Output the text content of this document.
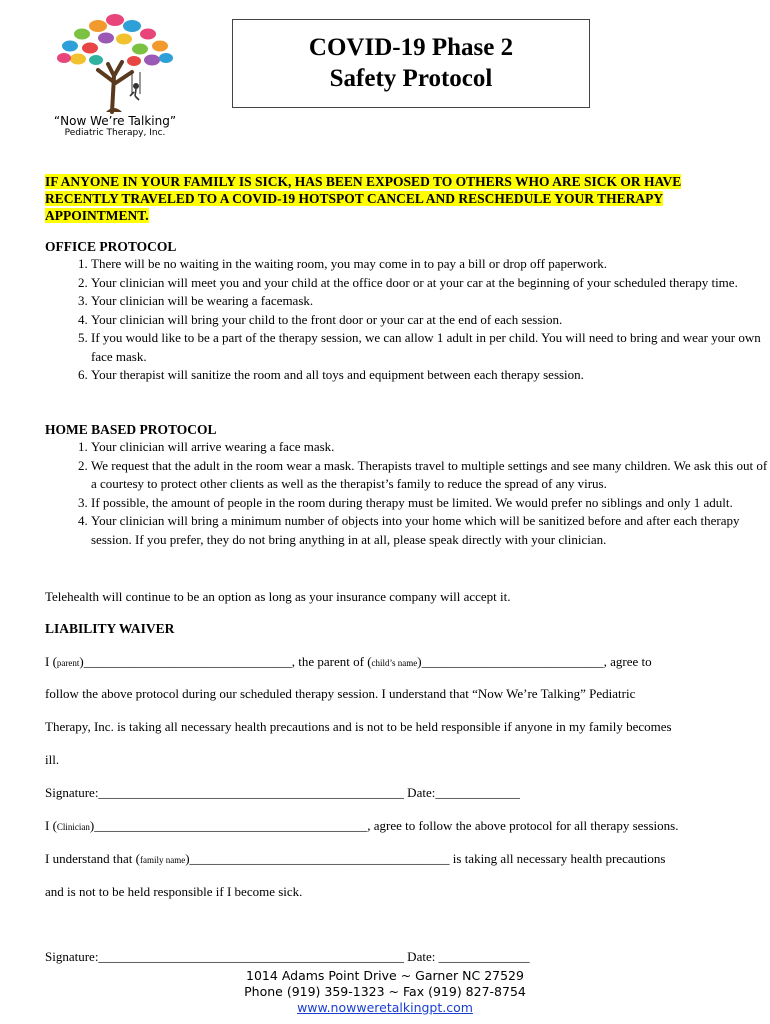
“Now We’re Talking”
Pediatric Therapy, Inc.
COVID-19 Phase 2
Safety Protocol
IF ANYONE IN YOUR FAMILY IS SICK, HAS BEEN EXPOSED TO OTHERS WHO ARE SICK OR HAVE RECENTLY TRAVELED TO A COVID-19 HOTSPOT CANCEL AND RESCHEDULE YOUR THERAPY APPOINTMENT.
OFFICE PROTOCOL
1. There will be no waiting in the waiting room, you may come in to pay a bill or drop off paperwork.
2. Your clinician will meet you and your child at the office door or at your car at the beginning of your scheduled therapy time.
3. Your clinician will be wearing a facemask.
4. Your clinician will bring your child to the front door or your car at the end of each session.
5. If you would like to be a part of the therapy session, we can allow 1 adult in per child. You will need to bring and wear your own face mask.
6. Your therapist will sanitize the room and all toys and equipment between each therapy session.
HOME BASED PROTOCOL
1. Your clinician will arrive wearing a face mask.
2. We request that the adult in the room wear a mask. Therapists travel to multiple settings and see many children. We ask this out of a courtesy to protect other clients as well as the therapist’s family to reduce the spread of any virus.
3. If possible, the amount of people in the room during therapy must be limited. We would prefer no siblings and only 1 adult.
4. Your clinician will bring a minimum number of objects into your home which will be sanitized before and after each therapy session. If you prefer, they do not bring anything in at all, please speak directly with your clinician.
Telehealth will continue to be an option as long as your insurance company will accept it.
LIABILITY WAIVER
I (parent)________________________________, the parent of (child’s name)____________________________, agree to
follow the above protocol during our scheduled therapy session. I understand that “Now We’re Talking” Pediatric
Therapy, Inc. is taking all necessary health precautions and is not to be held responsible if anyone in my family becomes
ill.
Signature:_______________________________________________ Date:_____________
I (Clinician)__________________________________________, agree to follow the above protocol for all therapy sessions.
I understand that (family name)________________________________________ is taking all necessary health precautions
and is not to be held responsible if I become sick.
Signature:_______________________________________________ Date: ______________
1014 Adams Point Drive ~ Garner NC 27529
Phone (919) 359-1323 ~ Fax (919) 827-8754
www.nowweretalkingpt.com
